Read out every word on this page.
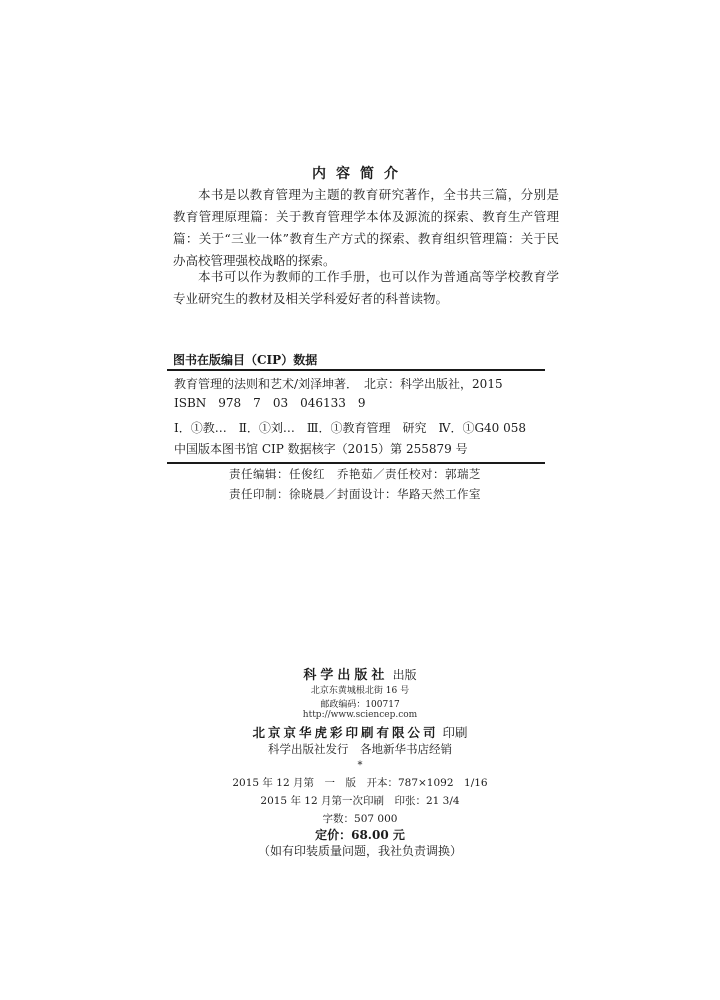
内容简介

本书是以教育管理为主题的教育研究著作，全书共三篇，分别是教育管理原理篇：关于教育管理学本体及源流的探索、教育生产管理篇：关于“三业一体”教育生产方式的探索、教育组织管理篇：关于民办高校管理强校战略的探索。

本书可以作为教师的工作手册，也可以作为普通高等学校教育学专业研究生的教材及相关学科爱好者的科普读物。

图书在版编目（CIP）数据
教育管理的法则和艺术/刘泽坤著．　北京：科学出版社，2015
ISBN　978　7　03　046133　9
Ⅰ．①教…　Ⅱ．①刘…　Ⅲ．①教育管理　研究　Ⅳ．①G40 058
中国版本图书馆 CIP 数据核字（2015）第 255879 号
责任编辑：任俊红　乔艳茹／责任校对：郭瑞芝
责任印制：徐晓晨／封面设计：华路天然工作室
科学出版社 出版
北京东黄城根北街 16 号
邮政编码：100717
http://www.sciencep.com
北京京华虎彩印刷有限公司 印刷
科学出版社发行　各地新华书店经销
*
2015 年 12 月第　一　版　开本：787×1092　1/16
2015 年 12 月第一次印刷　印张：21 3/4
字数：507 000
定价：68.00 元
（如有印装质量问题，我社负责调换）
